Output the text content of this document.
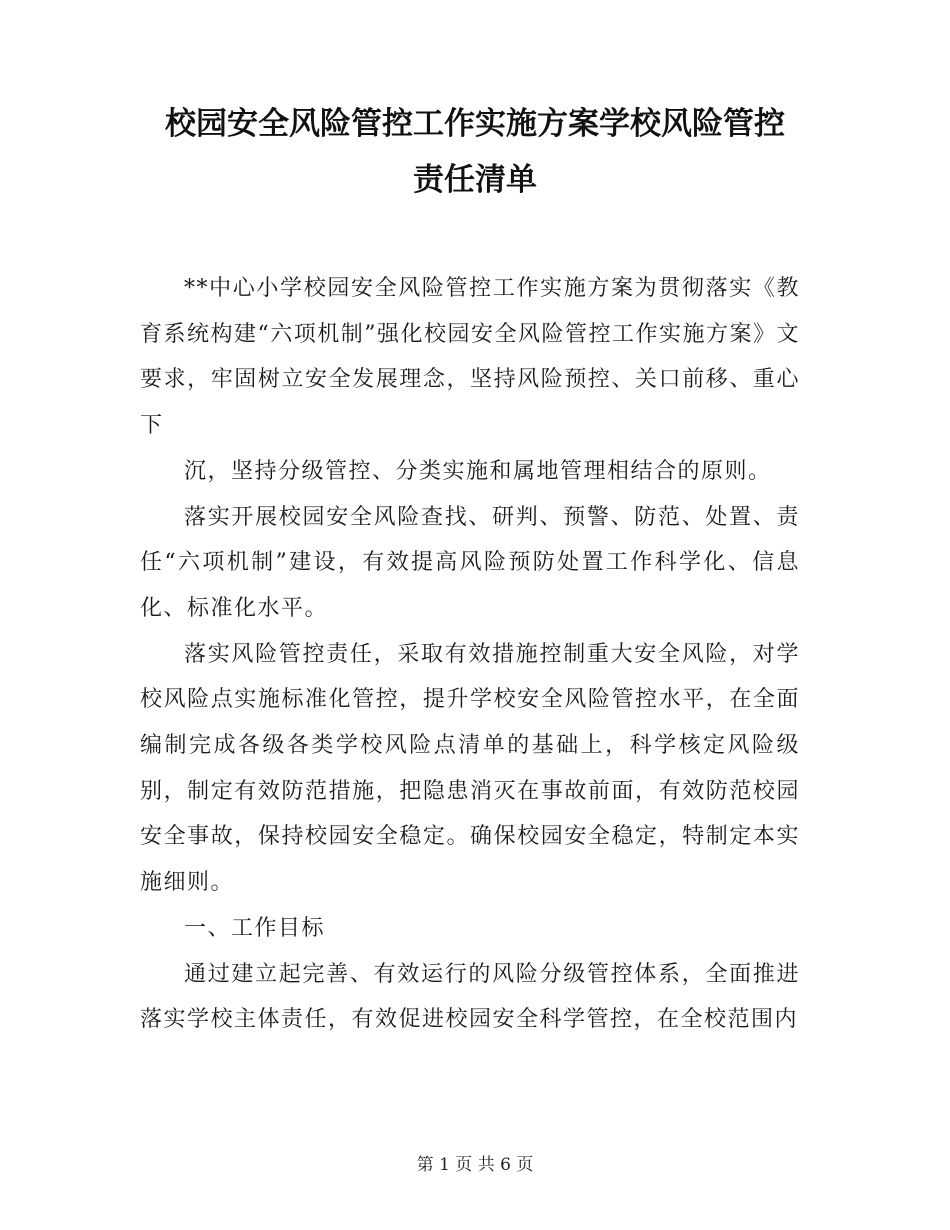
校园安全风险管控工作实施方案学校风险管控
责任清单

**中心小学校园安全风险管控工作实施方案为贯彻落实《教育系统构建“六项机制”强化校园安全风险管控工作实施方案》文要求，牢固树立安全发展理念，坚持风险预控、关口前移、重心下

沉，坚持分级管控、分类实施和属地管理相结合的原则。

落实开展校园安全风险查找、研判、预警、防范、处置、责任“六项机制”建设，有效提高风险预防处置工作科学化、信息化、标准化水平。

落实风险管控责任，采取有效措施控制重大安全风险，对学校风险点实施标准化管控，提升学校安全风险管控水平，在全面编制完成各级各类学校风险点清单的基础上，科学核定风险级别，制定有效防范措施，把隐患消灭在事故前面，有效防范校园安全事故，保持校园安全稳定。确保校园安全稳定，特制定本实施细则。

一、工作目标

通过建立起完善、有效运行的风险分级管控体系，全面推进落实学校主体责任，有效促进校园安全科学管控，在全校范围内

第 1 页 共 6 页
